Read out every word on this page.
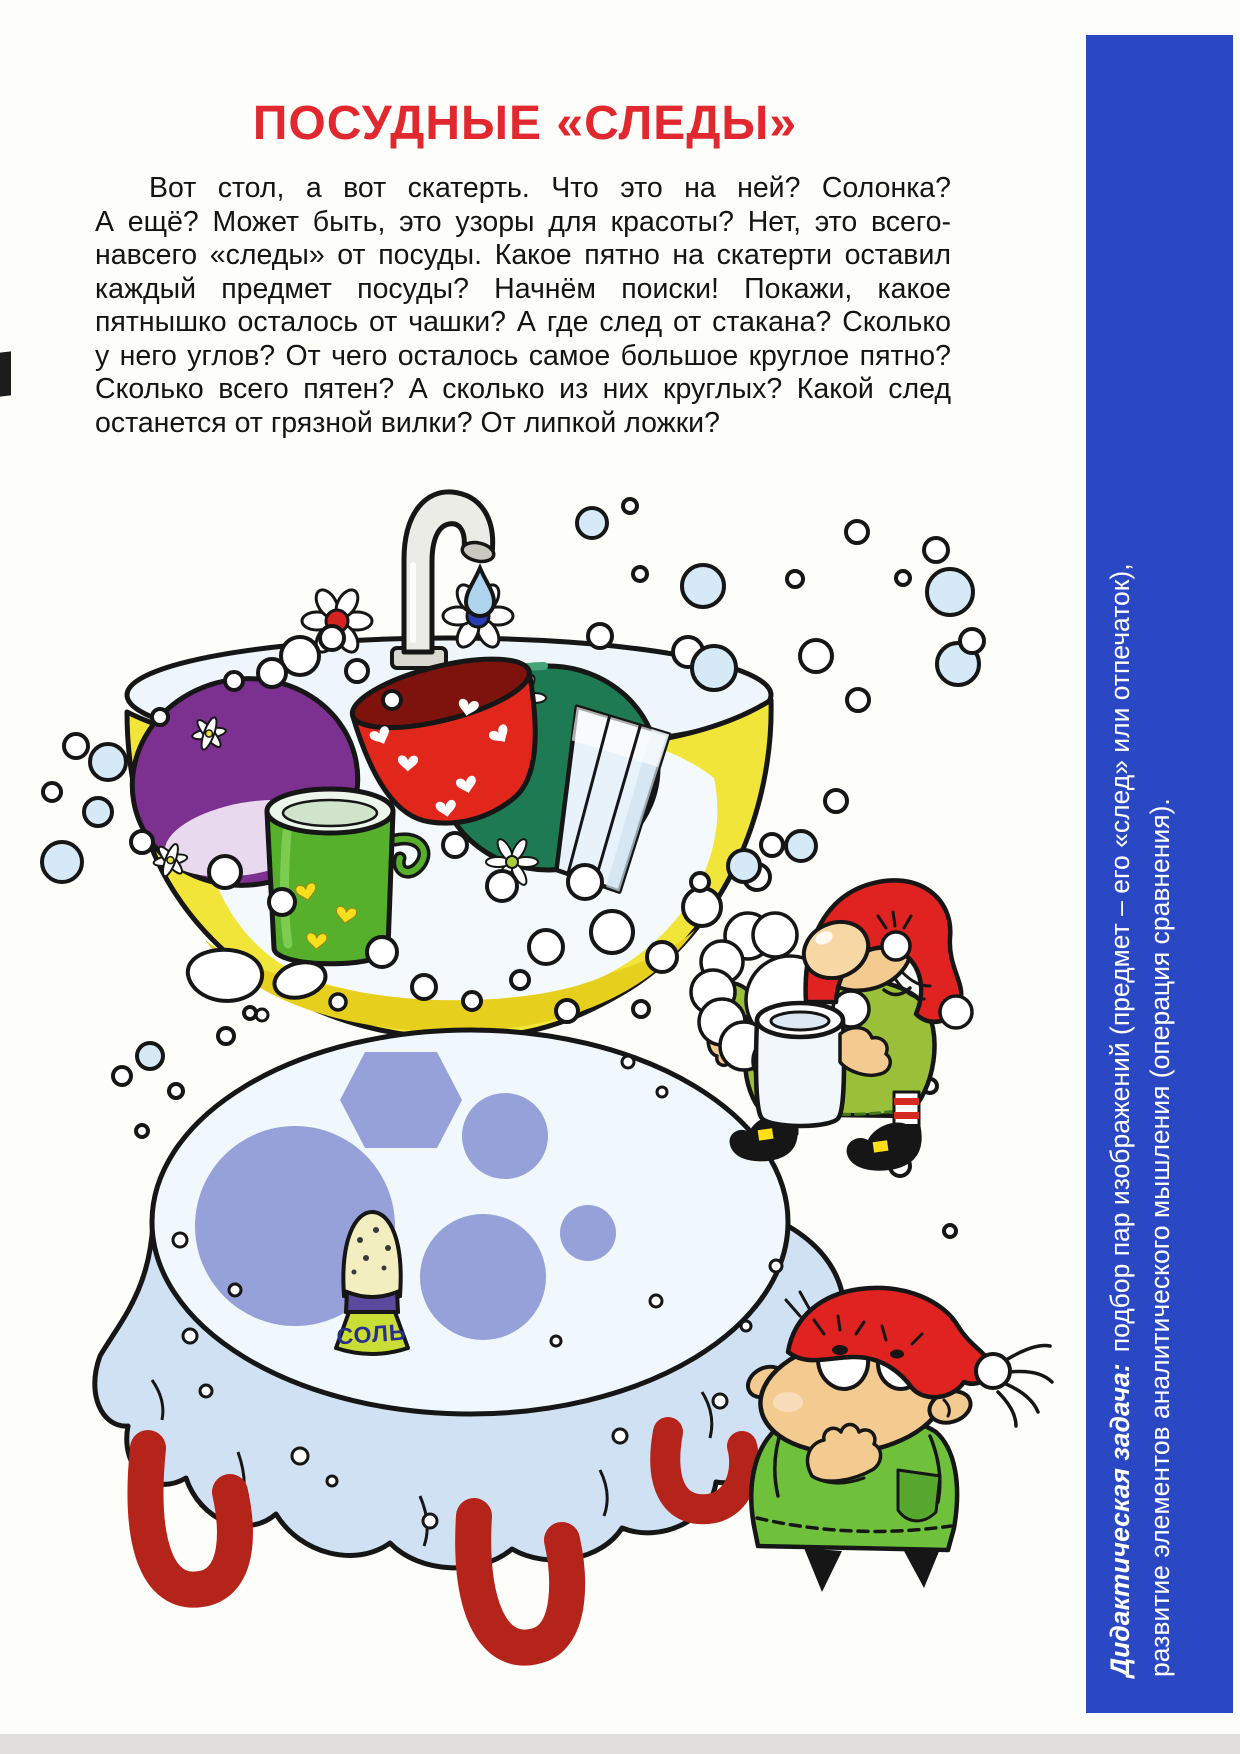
ПОСУДНЫЕ «СЛЕДЫ»
Вот стол, а вот скатерть. Что это на ней? Солонка?
А ещё? Может быть, это узоры для красоты? Нет, это всего-
навсего «следы» от посуды. Какое пятно на скатерти оставил
каждый предмет посуды? Начнём поиски! Покажи, какое
пятнышко осталось от чашки? А где след от стакана? Сколько
у него углов? От чего осталось самое большое круглое пятно?
Сколько всего пятен? А сколько из них круглых? Какой след
останется от грязной вилки? От липкой ложки?
СОЛЬ
Дидактическая задача:подбор пар изображений (предмет – его «след» или отпечаток), развитие элементов аналитического мышления (операция сравнения).
